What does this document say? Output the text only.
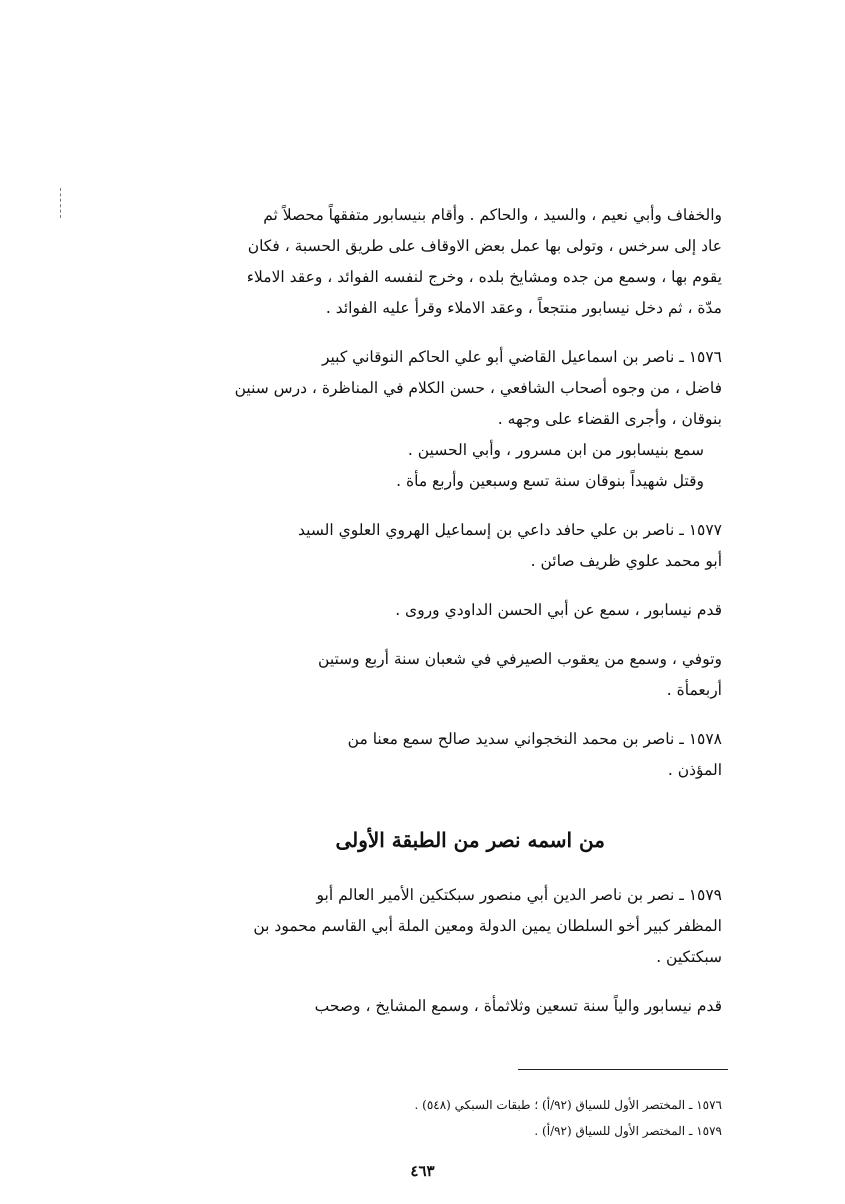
والخفاف وأبي نعيم ، والسيد ، والحاكم . وأقام بنيسابور متفقهاً محصلاً ثم
عاد إلى سرخس ، وتولى بها عمل بعض الاوقاف على طريق الحسبة ، فكان
يقوم بها ، وسمع من جده ومشايخ بلده ، وخرج لنفسه الفوائد ، وعقد الاملاء
مدّة ، ثم دخل نيسابور منتجعاً ، وعقد الاملاء وقرأ عليه الفوائد .
١٥٧٦ ـ ناصر بن اسماعيل القاضي أبو علي الحاكم النوقاني كبير
فاضل ، من وجوه أصحاب الشافعي ، حسن الكلام في المناظرة ، درس سنين
بنوقان ، وأجرى القضاء على وجهه .
سمع بنيسابور من ابن مسرور ، وأبي الحسين .
وقتل شهيداً بنوقان سنة تسع وسبعين وأربع مأة .
١٥٧٧ ـ ناصر بن علي حافد داعي بن إسماعيل الهروي العلوي السيد
أبو محمد علوي ظريف صائن .
قدم نيسابور ، سمع عن أبي الحسن الداودي وروى .
وتوفي ، وسمع من يعقوب الصيرفي في شعبان سنة أربع وستين
أربعمأة .
١٥٧٨ ـ ناصر بن محمد النخجواني سديد صالح سمع معنا من
المؤذن .
من اسمه نصر من الطبقة الأولى
١٥٧٩ ـ نصر بن ناصر الدين أبي منصور سبكتكين الأمير العالم أبو
المظفر كبير أخو السلطان يمين الدولة ومعين الملة أبي القاسم محمود بن
سبكتكين .
قدم نيسابور والياً سنة تسعين وثلاثمأة ، وسمع المشايخ ، وصحب
١٥٧٦ ـ المختصر الأول للسياق (٩٢/أ) ؛ طبقات السبكي (٥٤٨) .
١٥٧٩ ـ المختصر الأول للسياق (٩٢/أ) .
٤٦٣
